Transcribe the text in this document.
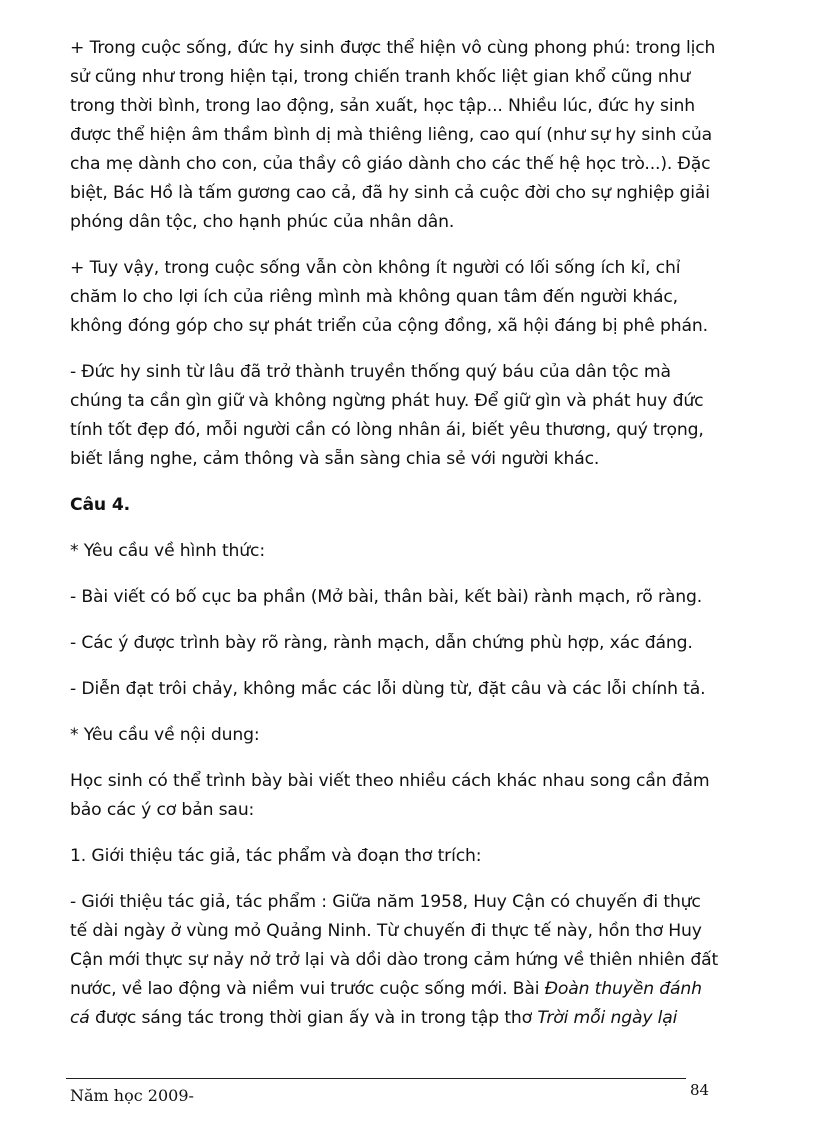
+ Trong cuộc sống, đức hy sinh được thể hiện vô cùng phong phú: trong lịch sử cũng như trong hiện tại, trong chiến tranh khốc liệt gian khổ cũng như trong thời bình, trong lao động, sản xuất, học tập... Nhiều lúc, đức hy sinh được thể hiện âm thầm bình dị mà thiêng liêng, cao quí (như sự hy sinh của cha mẹ dành cho con, của thầy cô giáo dành cho các thế hệ học trò...). Đặc biệt, Bác Hồ là tấm gương cao cả, đã hy sinh cả cuộc đời cho sự nghiệp giải phóng dân tộc, cho hạnh phúc của nhân dân.

+ Tuy vậy, trong cuộc sống vẫn còn không ít người có lối sống ích kỉ, chỉ chăm lo cho lợi ích của riêng mình mà không quan tâm đến người khác, không đóng góp cho sự phát triển của cộng đồng, xã hội đáng bị phê phán.

- Đức hy sinh từ lâu đã trở thành truyền thống quý báu của dân tộc mà chúng ta cần gìn giữ và không ngừng phát huy. Để giữ gìn và phát huy đức tính tốt đẹp đó, mỗi người cần có lòng nhân ái, biết yêu thương, quý trọng, biết lắng nghe, cảm thông và sẵn sàng chia sẻ với người khác.

Câu 4.

* Yêu cầu về hình thức:

- Bài viết có bố cục ba phần (Mở bài, thân bài, kết bài) rành mạch, rõ ràng.

- Các ý được trình bày rõ ràng, rành mạch, dẫn chứng phù hợp, xác đáng.

- Diễn đạt trôi chảy, không mắc các lỗi dùng từ, đặt câu và các lỗi chính tả.

* Yêu cầu về nội dung:

Học sinh có thể trình bày bài viết theo nhiều cách khác nhau song cần đảm bảo các ý cơ bản sau:

1. Giới thiệu tác giả, tác phẩm và đoạn thơ trích:

- Giới thiệu tác giả, tác phẩm : Giữa năm 1958, Huy Cận có chuyến đi thực tế dài ngày ở vùng mỏ Quảng Ninh. Từ chuyến đi thực tế này, hồn thơ Huy Cận mới thực sự nảy nở trở lại và dồi dào trong cảm hứng về thiên nhiên đất nước, về lao động và niềm vui trước cuộc sống mới. Bài Đoàn thuyền đánh cá được sáng tác trong thời gian ấy và in trong tập thơ Trời mỗi ngày lại

Năm học 2009-	84
